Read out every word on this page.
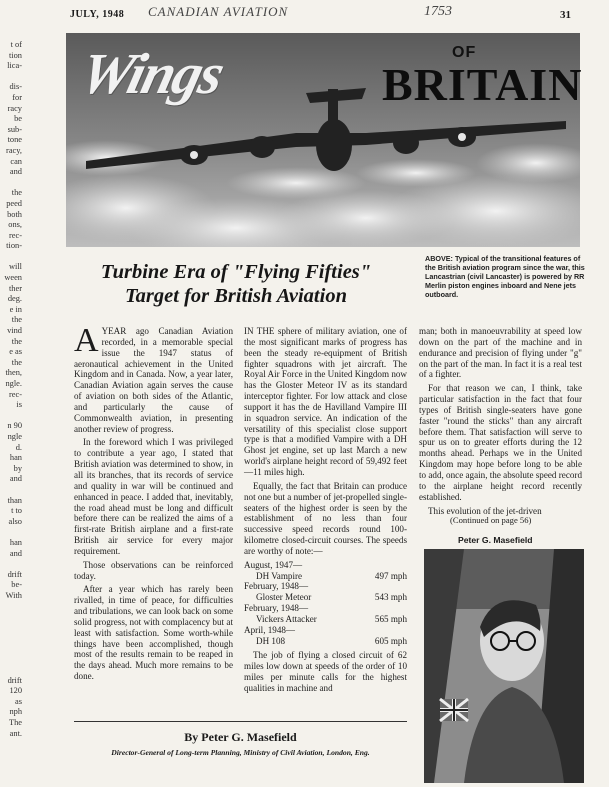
t of
tion
lica-

dis-
for
racy
be
sub-
tone
racy,
can
and

the
peed
both
ons,
rec-
tion-

will
ween
ther
deg.
e in
the
vind
the
e as
the
then,
ngle.
rec-
is

n 90
ngle
d.
han
by
and

than
t to
also

han
and

drift
be-
With

drift
120
as
nph
The
ant.
JULY, 1948 CANADIAN AVIATION	1753	31
Wings	OF
BRITAIN
ABOVE: Typical of the transitional features of the British aviation program since the war, this Lancastrian (civil Lancaster) is powered by RR Merlin piston engines inboard and Nene jets outboard.
Turbine Era of "Flying Fifties"
Target for British Aviation

AYEAR ago Canadian Aviation recorded, in a memorable special issue the 1947 status of aeronautical achievement in the United Kingdom and in Canada. Now, a year later, Canadian Aviation again serves the cause of aviation on both sides of the Atlantic, and particularly the cause of Commonwealth aviation, in presenting another review of progress.

In the foreword which I was privileged to contribute a year ago, I stated that British aviation was determined to show, in all its branches, that its records of service and quality in war will be continued and enhanced in peace. I added that, inevitably, the road ahead must be long and difficult before there can be realized the aims of a first-rate British airplane and a first-rate British air service for every major requirement.

Those observations can be reinforced today.

After a year which has rarely been rivalled, in time of peace, for difficulties and tribulations, we can look back on some solid progress, not with complacency but at least with satisfaction. Some worth-while things have been accomplished, though most of the results remain to be reaped in the days ahead. Much more remains to be done.

IN THE sphere of military aviation, one of the most significant marks of progress has been the steady re-equipment of British fighter squadrons with jet aircraft. The Royal Air Force in the United Kingdom now has the Gloster Meteor IV as its standard interceptor fighter. For low attack and close support it has the de Havilland Vampire III in squadron service. An indication of the versatility of this specialist close support type is that a modified Vampire with a DH Ghost jet engine, set up last March a new world's airplane height record of 59,492 feet—11 miles high.

Equally, the fact that Britain can produce not one but a number of jet-propelled single-seaters of the highest order is seen by the establishment of no less than four successive speed records round 100-kilometre closed-circuit courses. The speeds are worthy of note:—

August, 1947—
DH Vampire	497 mph
February, 1948—
Gloster Meteor	543 mph
February, 1948—
Vickers Attacker	565 mph
April, 1948—
DH 108	605 mph

The job of flying a closed circuit of 62 miles low down at speeds of the order of 10 miles per minute calls for the highest qualities in machine and

man; both in manoeuvrability at speed low down on the part of the machine and in endurance and precision of flying under "g" on the part of the man. In fact it is a real test of a fighter.

For that reason we can, I think, take particular satisfaction in the fact that four types of British single-seaters have gone faster "round the sticks" than any aircraft before them. That satisfaction will serve to spur us on to greater efforts during the 12 months ahead. Perhaps we in the United Kingdom may hope before long to be able to add, once again, the absolute speed record to the airplane height record recently established.

This evolution of the jet-driven

(Continued on page 56)
Peter G. Masefield
By Peter G. Masefield
Director-General of Long-term Planning, Ministry of Civil Aviation, London, Eng.
